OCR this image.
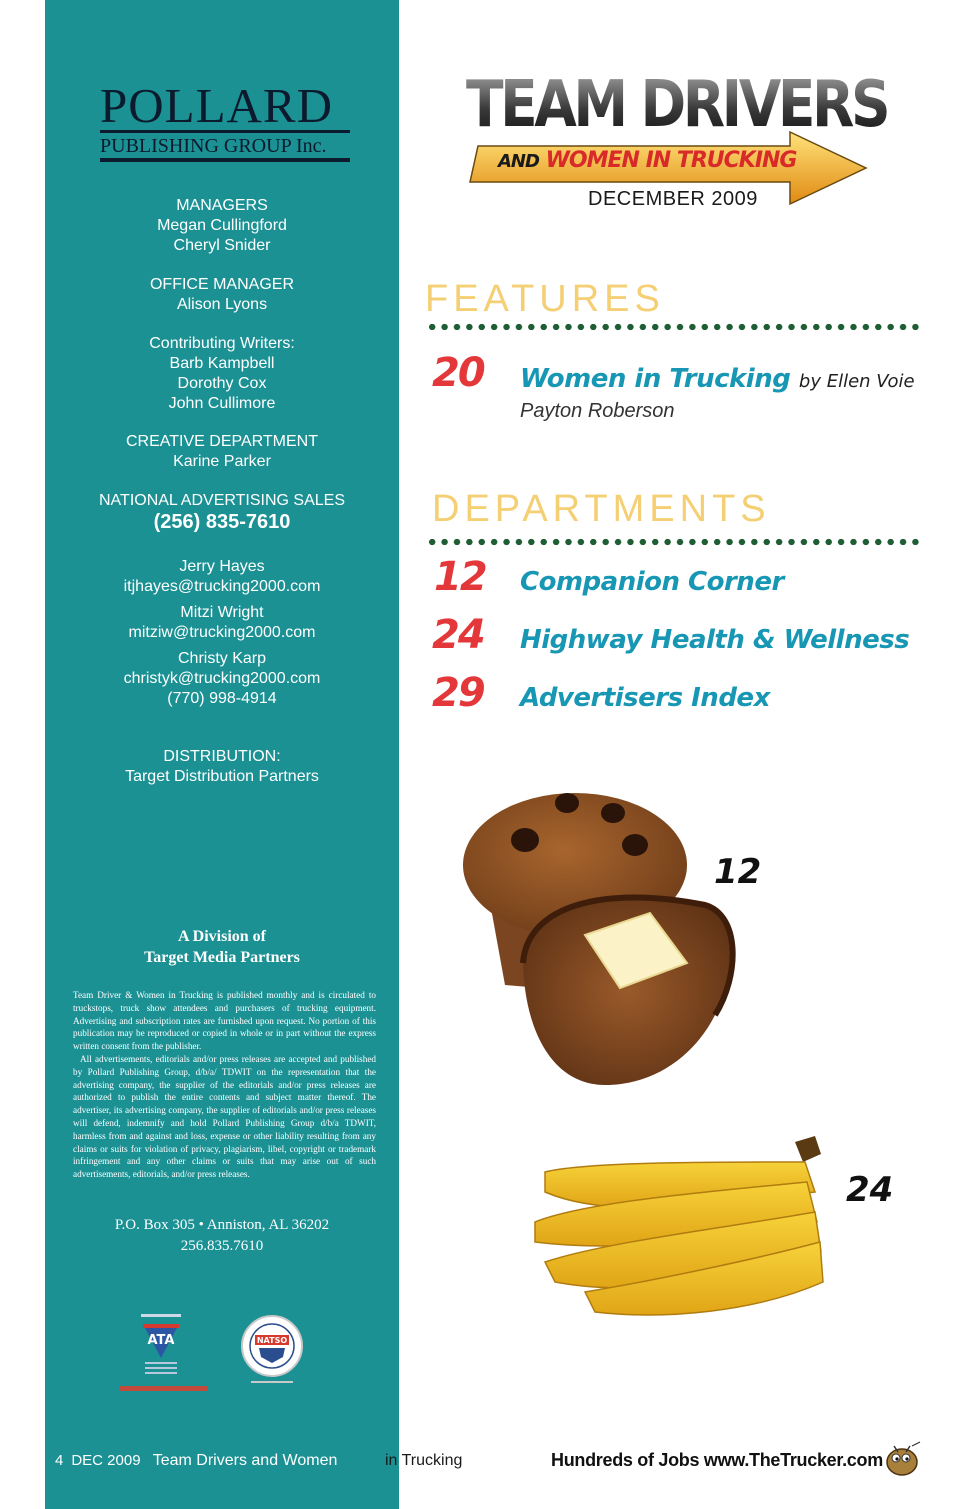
POLLARD
PUBLISHING GROUP Inc.
MANAGERS
Megan Cullingford
Cheryl Snider
OFFICE MANAGER
Alison Lyons
Contributing Writers:
Barb Kampbell
Dorothy Cox
John Cullimore
CREATIVE DEPARTMENT
Karine Parker
NATIONAL ADVERTISING SALES
(256) 835-7610
Jerry Hayes
itjhayes@trucking2000.com
Mitzi Wright
mitziw@trucking2000.com
Christy Karp
christyk@trucking2000.com
(770) 998-4914
DISTRIBUTION:
Target Distribution Partners
A Division of
Target Media Partners

Team Driver & Women in Trucking is published monthly and is circulated to truckstops, truck show attendees and purchasers of trucking equipment. Advertising and subscription rates are furnished upon request. No portion of this publication may be reproduced or copied in whole or in part without the express written consent from the publisher.

All advertisements, editorials and/or press releases are accepted and published by Pollard Publishing Group, d/b/a/ TDWIT on the representation that the advertising company, the supplier of the editorials and/or press releases are authorized to publish the entire contents and subject matter thereof. The advertiser, its advertising company, the supplier of editorials and/or press releases will defend, indemnify and hold Pollard Publishing Group d/b/a TDWIT, harmless from and against and loss, expense or other liability resulting from any claims or suits for violation of privacy, plagiarism, libel, copyright or trademark infringement and any other claims or suits that may arise out of such advertisements, editorials, and/or press releases.

P.O. Box 305 • Anniston, AL 36202
256.835.7610
ATA	NATSO
4 DEC 2009 Team Drivers and Women	in Trucking
TEAM DRIVERS
AND WOMEN IN TRUCKING
DECEMBER 2009
FEATURES
20 Women in Trucking by Ellen Voie
Payton Roberson
DEPARTMENTS
12 Companion Corner
24 Highway Health & Wellness
29 Advertisers Index
12
24
Hundreds of Jobs www.TheTrucker.com
